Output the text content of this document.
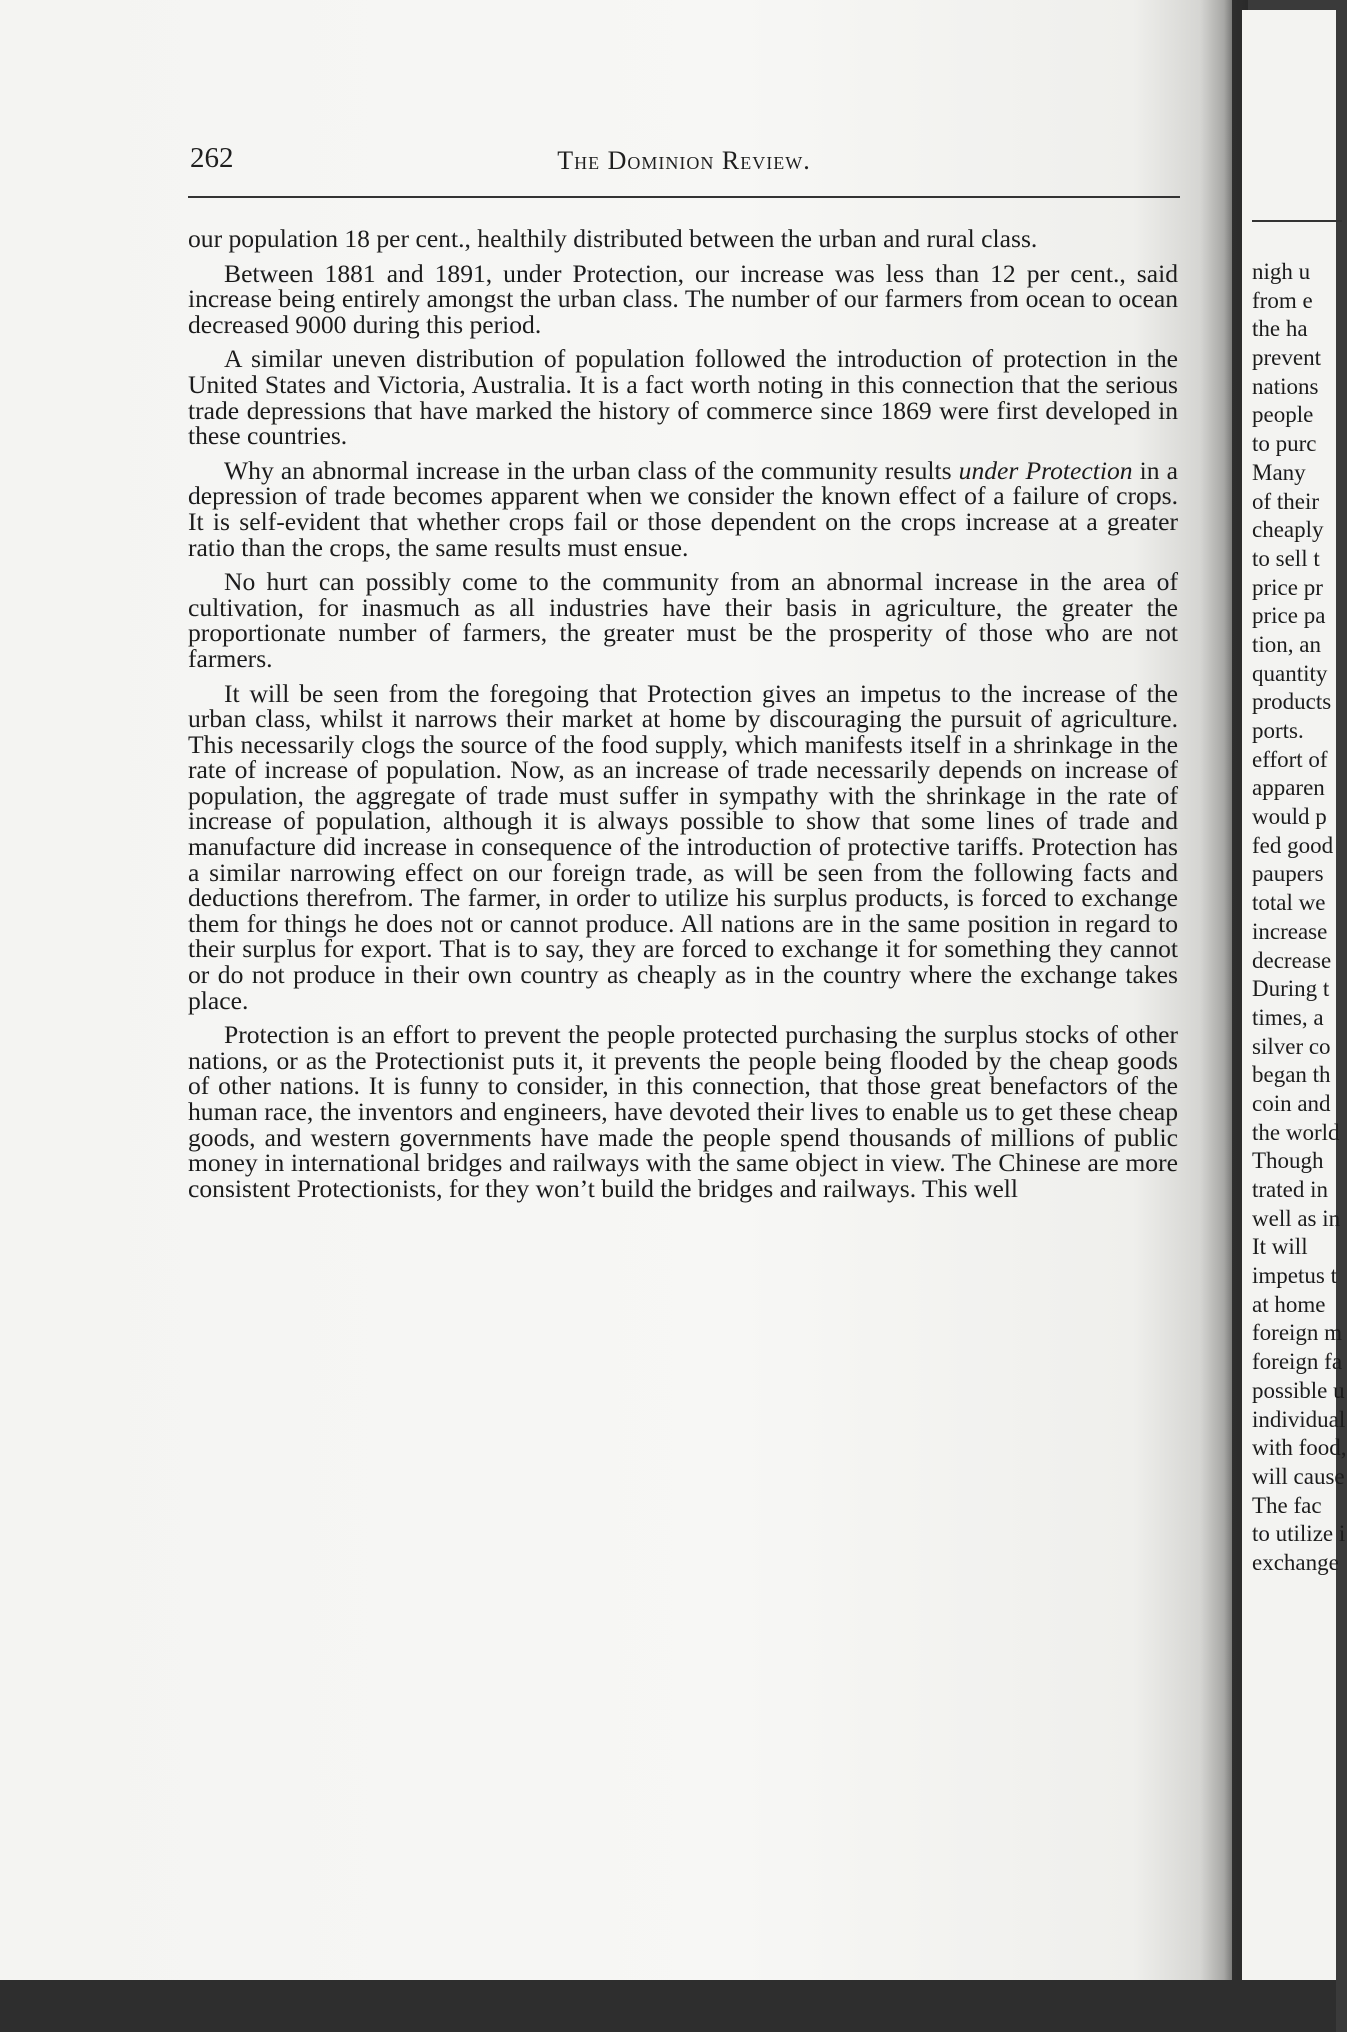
262	The Dominion Review.

our population 18 per cent., healthily distributed between the urban and rural class.

Between 1881 and 1891, under Protection, our increase was less than 12 per cent., said increase being entirely amongst the urban class. The number of our farmers from ocean to ocean decreased 9000 during this period.

A similar uneven distribution of population followed the introduction of protection in the United States and Victoria, Australia. It is a fact worth noting in this connection that the serious trade depressions that have marked the history of commerce since 1869 were first developed in these countries.

Why an abnormal increase in the urban class of the community results under Protection in a depression of trade becomes apparent when we consider the known effect of a failure of crops. It is self-evident that whether crops fail or those dependent on the crops increase at a greater ratio than the crops, the same results must ensue.

No hurt can possibly come to the community from an abnormal increase in the area of cultivation, for inasmuch as all industries have their basis in agriculture, the greater the proportionate number of farmers, the greater must be the prosperity of those who are not farmers.

It will be seen from the foregoing that Protection gives an impetus to the increase of the urban class, whilst it narrows their market at home by discouraging the pursuit of agriculture. This necessarily clogs the source of the food supply, which manifests itself in a shrinkage in the rate of increase of population. Now, as an increase of trade necessarily depends on increase of population, the aggregate of trade must suffer in sympathy with the shrinkage in the rate of increase of population, although it is always possible to show that some lines of trade and manufacture did increase in consequence of the introduction of protective tariffs. Protection has a similar narrowing effect on our foreign trade, as will be seen from the following facts and deductions therefrom. The farmer, in order to utilize his surplus products, is forced to exchange them for things he does not or cannot produce. All nations are in the same position in regard to their surplus for export. That is to say, they are forced to exchange it for something they cannot or do not produce in their own country as cheaply as in the country where the exchange takes place.

Protection is an effort to prevent the people protected purchasing the surplus stocks of other nations, or as the Protectionist puts it, it prevents the people being flooded by the cheap goods of other nations. It is funny to consider, in this connection, that those great benefactors of the human race, the inventors and engineers, have devoted their lives to enable us to get these cheap goods, and western governments have made the people spend thousands of millions of public money in international bridges and railways with the same object in view. The Chinese are more consistent Protectionists, for they won’t build the bridges and railways. This well

nigh u
from e
the ha
prevent
nations
people
to purc
Many
of their
cheaply
to sell t
price pr
price pa
tion, an
quantity
products
ports.
effort of
apparen
would p
fed good
paupers
total we
increase
decrease
During t
times, a
silver co
began th
coin and
the world
Though
trated in
well as in
It will
impetus t
at home
foreign m
foreign fa
possible u
individual
with food,
will cause
The fac
to utilize i
exchange
